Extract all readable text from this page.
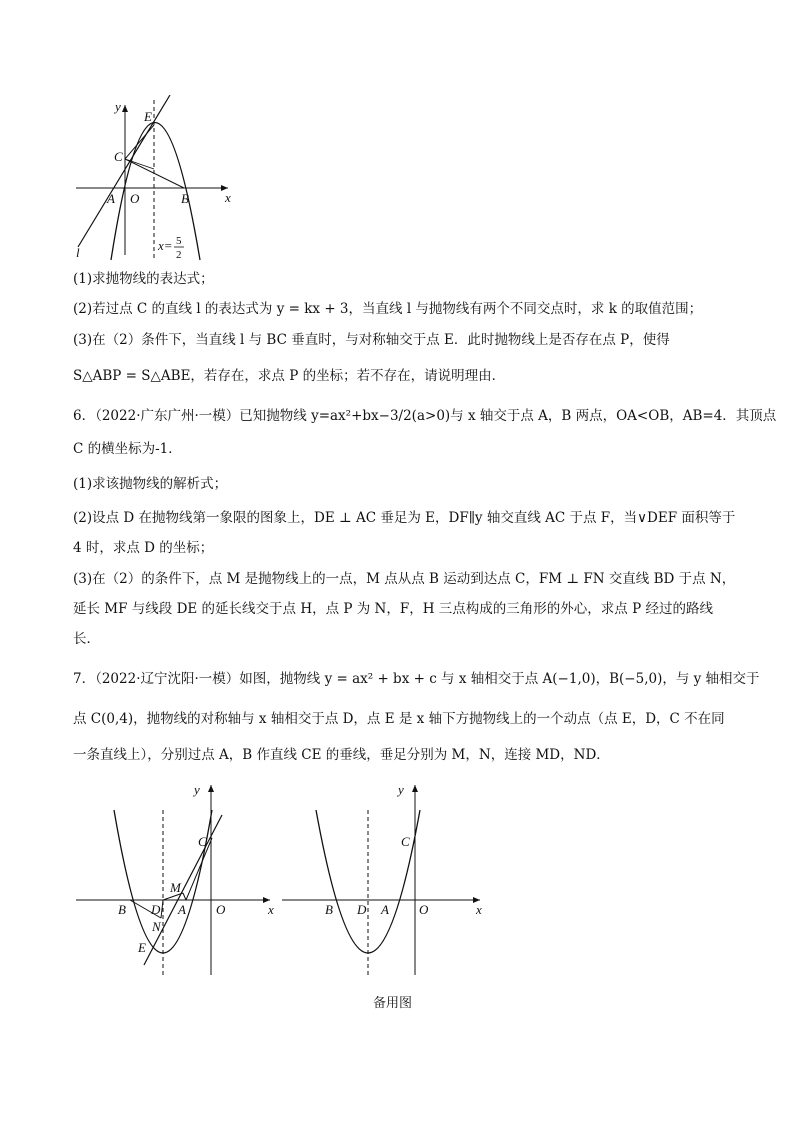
y
x
E
C
A O	B
l	x= 5
2
(1)求抛物线的表达式；
(2)若过点 C 的直线 l 的表达式为 y = kx + 3，当直线 l 与抛物线有两个不同交点时，求 k 的取值范围；
(3)在（2）条件下，当直线 l 与 BC 垂直时，与对称轴交于点 E．此时抛物线上是否存在点 P，使得
S△ABP = S△ABE，若存在，求点 P 的坐标；若不存在，请说明理由．
6．（2022·广东广州·一模）已知抛物线 y=ax²+bx−3/2(a>0)与 x 轴交于点 A，B 两点，OA<OB，AB=4．其顶点
C 的横坐标为-1．
(1)求该抛物线的解析式；
(2)设点 D 在抛物线第一象限的图象上，DE ⊥ AC 垂足为 E，DF∥y 轴交直线 AC 于点 F，当∨DEF 面积等于
4 时，求点 D 的坐标；
(3)在（2）的条件下，点 M 是抛物线上的一点，M 点从点 B 运动到达点 C，FM ⊥ FN 交直线 BD 于点 N，
延长 MF 与线段 DE 的延长线交于点 H，点 P 为 N，F，H 三点构成的三角形的外心，求点 P 经过的路线
长．
7．（2022·辽宁沈阳·一模）如图，抛物线 y = ax² + bx + c 与 x 轴相交于点 A(−1,0)，B(−5,0)，与 y 轴相交于
点 C(0,4)，抛物线的对称轴与 x 轴相交于点 D，点 E 是 x 轴下方抛物线上的一个动点（点 E，D，C 不在同
一条直线上），分别过点 A，B 作直线 CE 的垂线，垂足分别为 M，N，连接 MD，ND．
y
x
C
M
B D A O
N
E
y
x
C
B D A O
备用图
